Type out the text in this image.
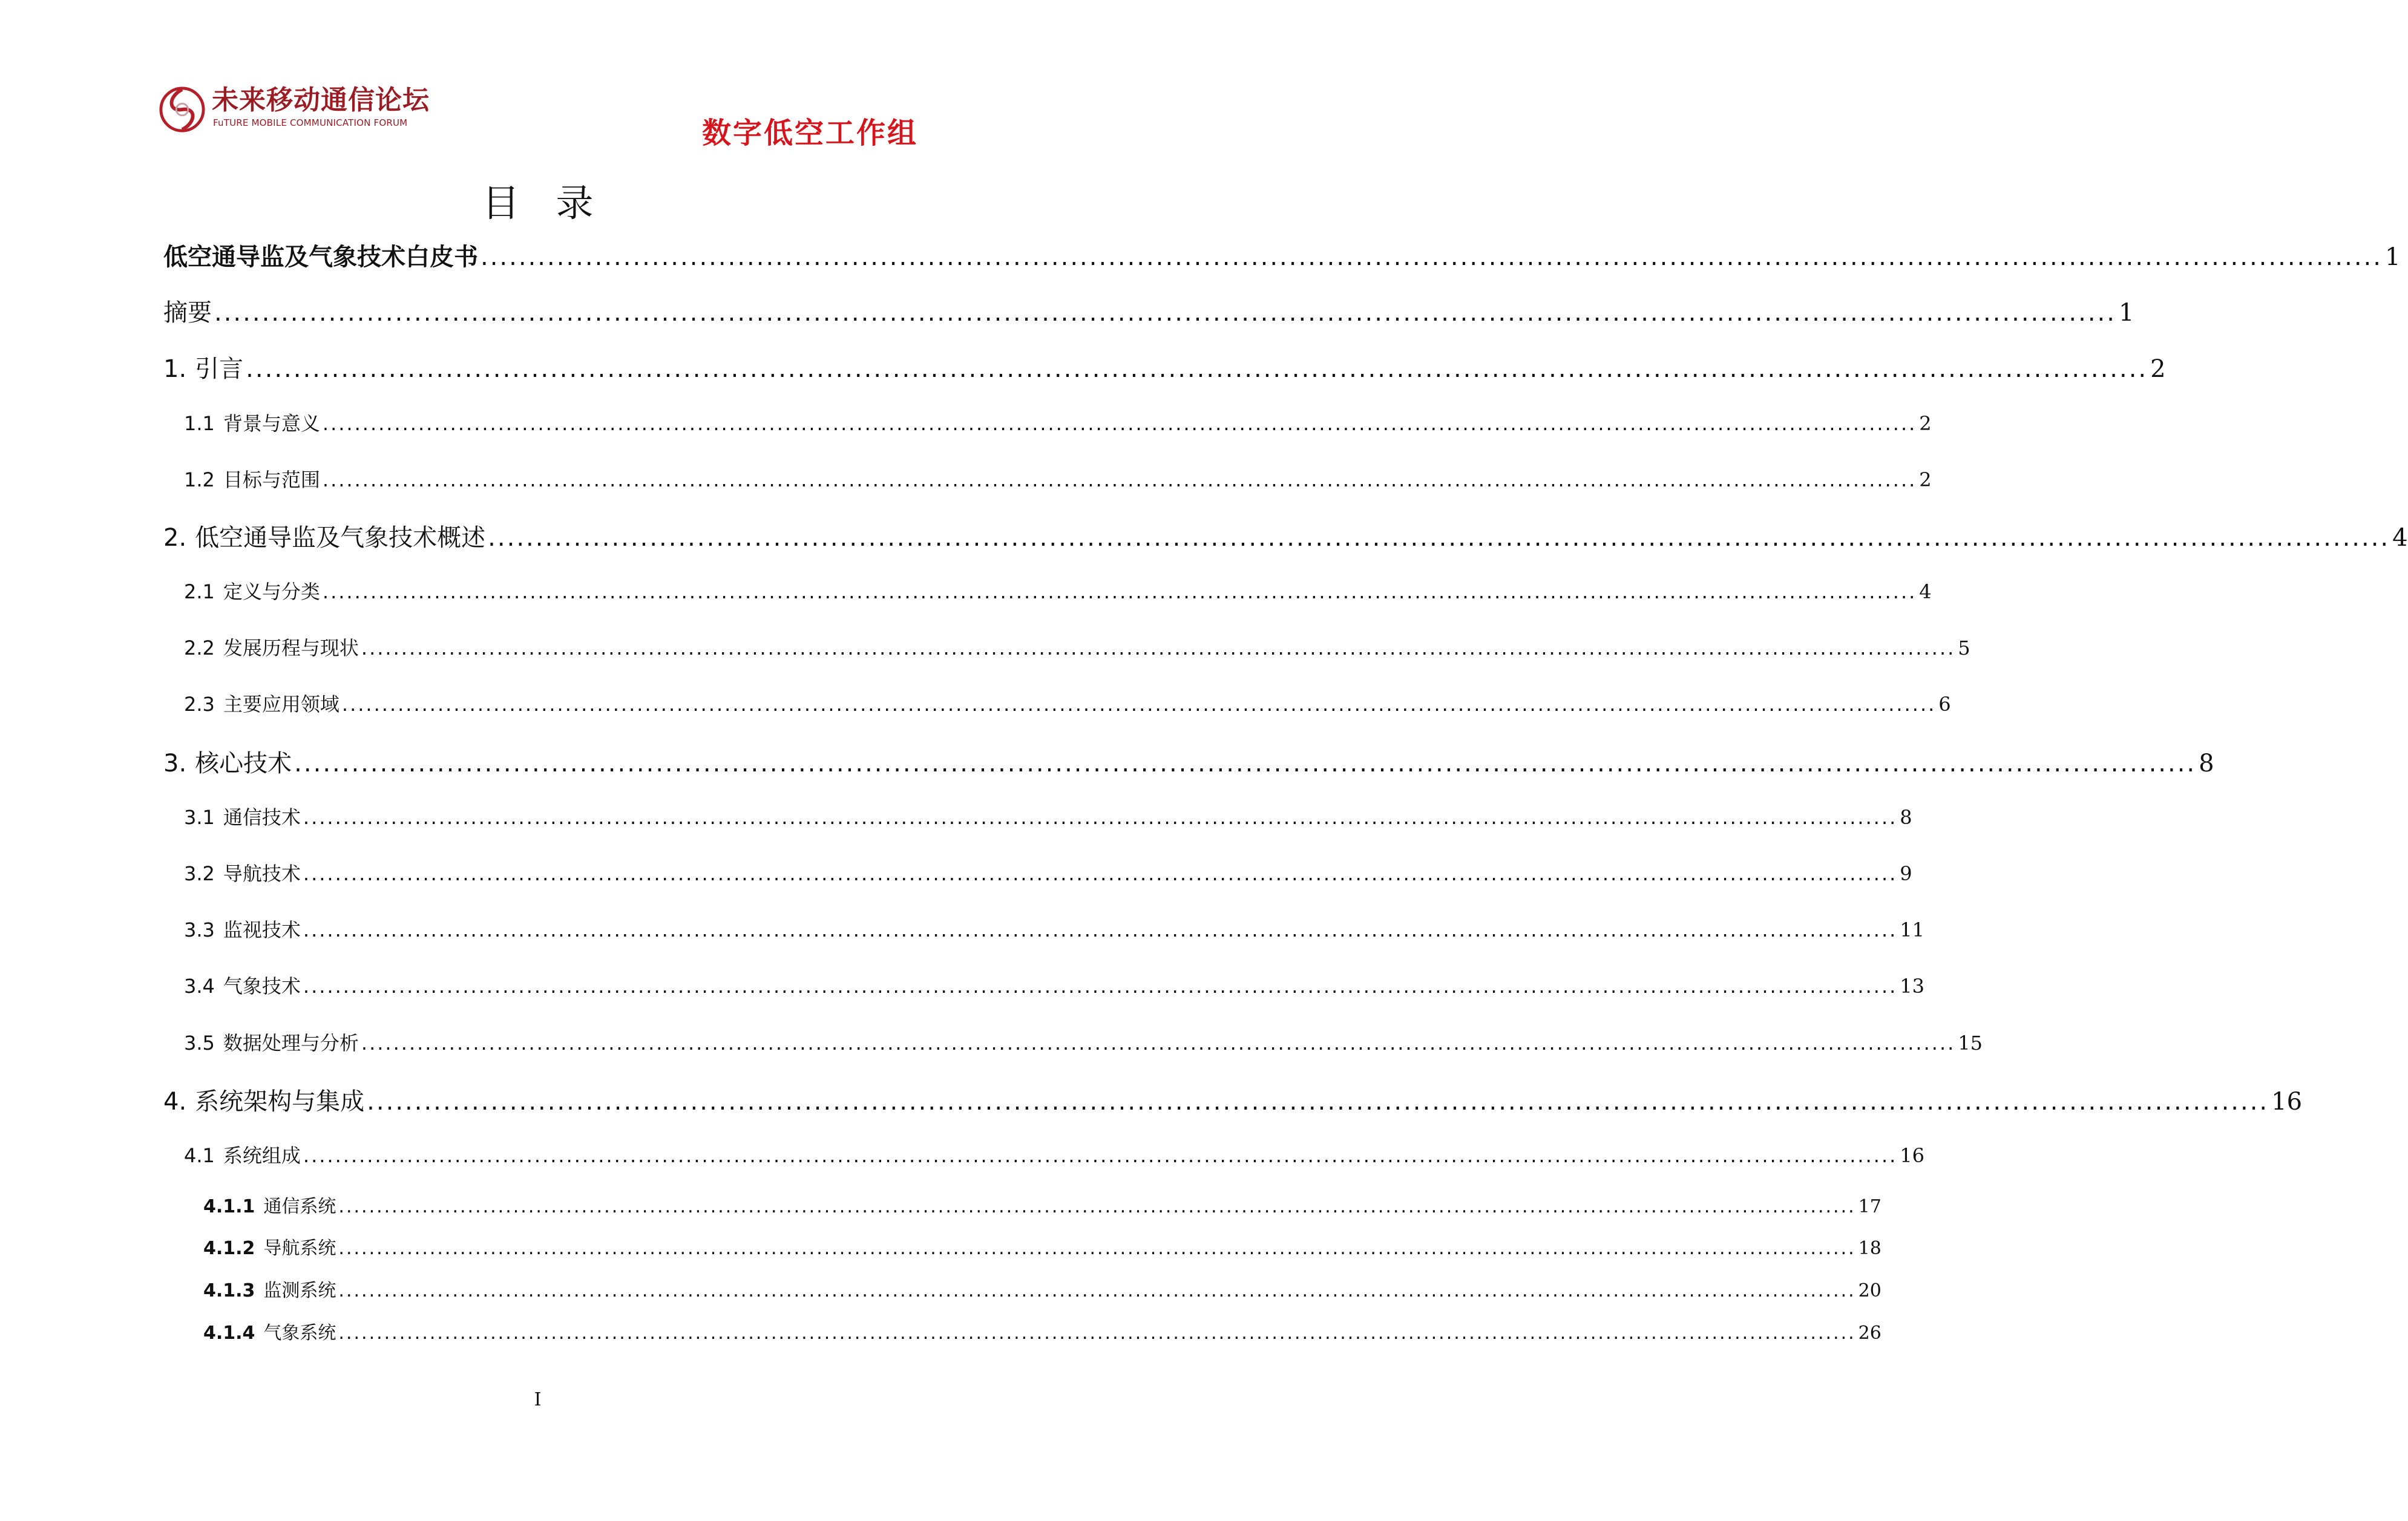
未来移动通信论坛
FuTURE MOBILE COMMUNICATION FORUM	数字低空工作组
目录
低空通导监及气象技术白皮书 ........................................................................................................................................................................................................ 1
摘要 ........................................................................................................................................................................................................ 1
1. 引言 ........................................................................................................................................................................................................ 2
1.1 背景与意义 ........................................................................................................................................................................................................ 2
1.2 目标与范围 ........................................................................................................................................................................................................ 2
2. 低空通导监及气象技术概述 ........................................................................................................................................................................................................ 4
2.1 定义与分类 ........................................................................................................................................................................................................ 4
2.2 发展历程与现状 ........................................................................................................................................................................................................ 5
2.3 主要应用领域 ........................................................................................................................................................................................................ 6
3. 核心技术 ........................................................................................................................................................................................................ 8
3.1 通信技术 ........................................................................................................................................................................................................ 8
3.2 导航技术 ........................................................................................................................................................................................................ 9
3.3 监视技术 ........................................................................................................................................................................................................ 11
3.4 气象技术 ........................................................................................................................................................................................................ 13
3.5 数据处理与分析 ........................................................................................................................................................................................................ 15
4. 系统架构与集成 ........................................................................................................................................................................................................ 16
4.1 系统组成 ........................................................................................................................................................................................................ 16
4.1.1 通信系统 ........................................................................................................................................................................................................ 17
4.1.2 导航系统 ........................................................................................................................................................................................................ 18
4.1.3 监测系统 ........................................................................................................................................................................................................ 20
4.1.4 气象系统 ........................................................................................................................................................................................................ 26
I
